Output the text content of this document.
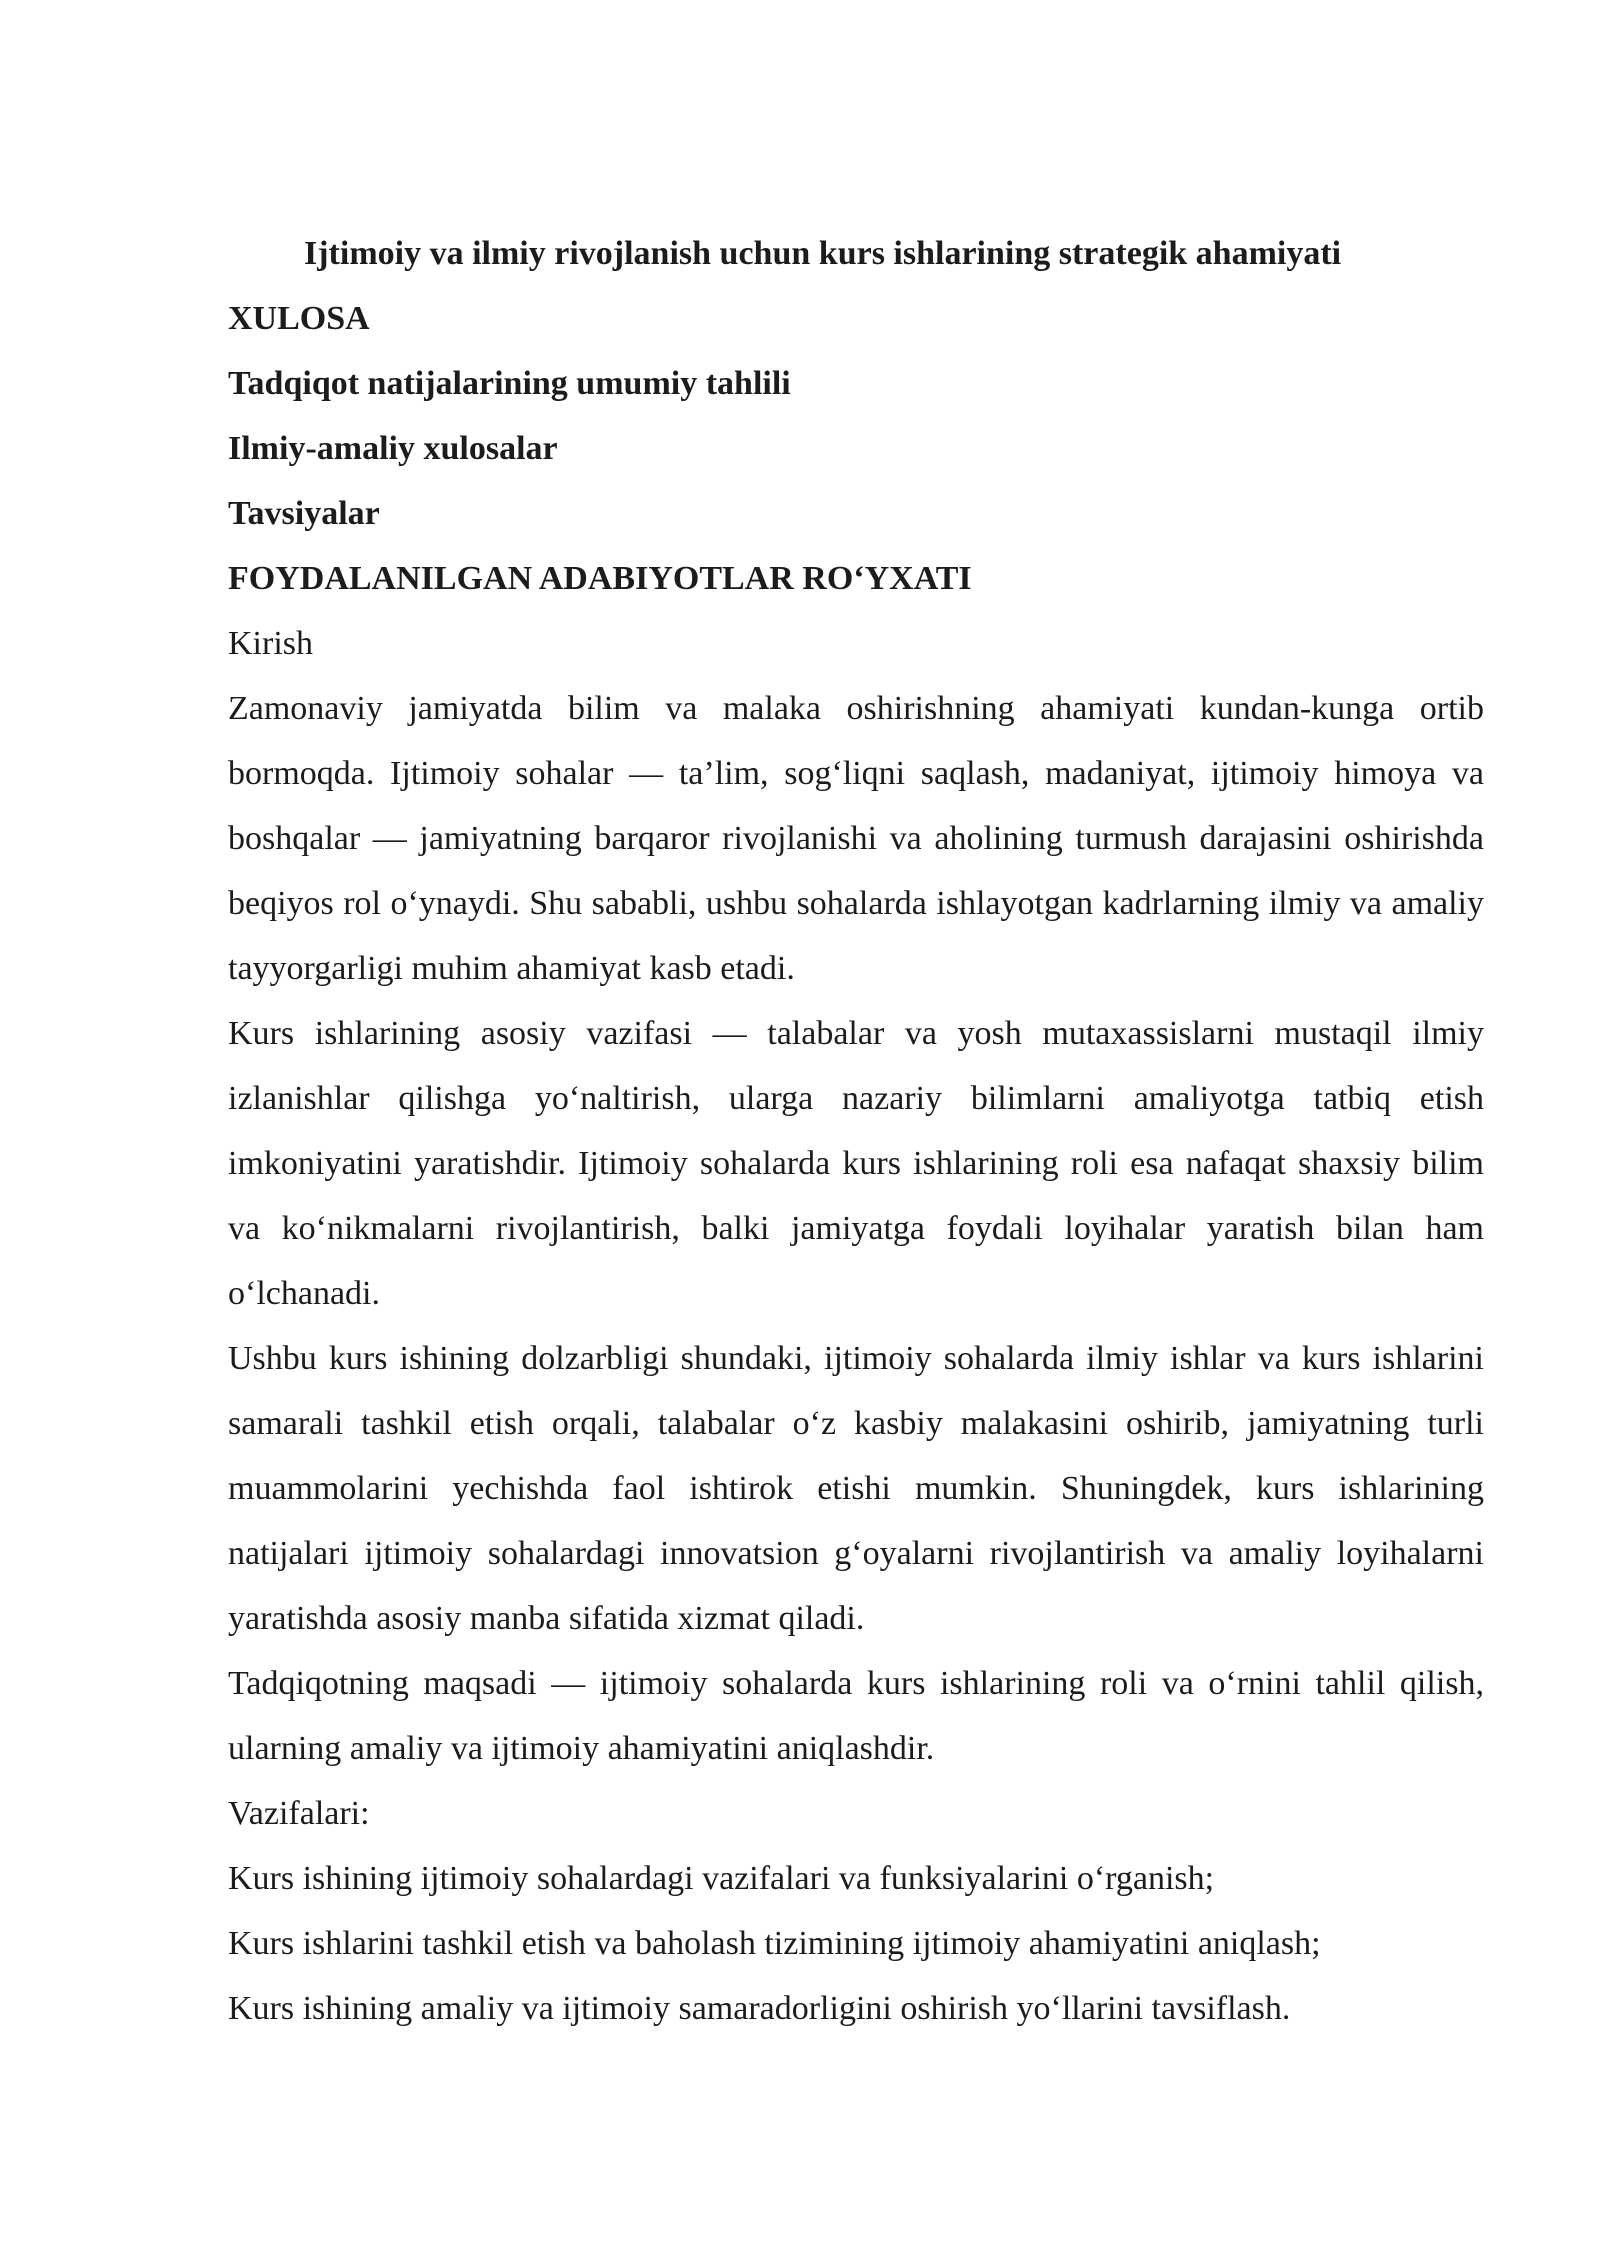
Ijtimoiy va ilmiy rivojlanish uchun kurs ishlarining strategik ahamiyati
XULOSA
Tadqiqot natijalarining umumiy tahlili
Ilmiy-amaliy xulosalar
Tavsiyalar
FOYDALANILGAN ADABIYOTLAR RO‘YXATI
Kirish

Zamonaviy jamiyatda bilim va malaka oshirishning ahamiyati kundan-kunga ortib bormoqda. Ijtimoiy sohalar — ta’lim, sog‘liqni saqlash, madaniyat, ijtimoiy himoya va boshqalar — jamiyatning barqaror rivojlanishi va aholining turmush darajasini oshirishda beqiyos rol o‘ynaydi. Shu sababli, ushbu sohalarda ishlayotgan kadrlarning ilmiy va amaliy tayyorgarligi muhim ahamiyat kasb etadi.

Kurs ishlarining asosiy vazifasi — talabalar va yosh mutaxassislarni mustaqil ilmiy izlanishlar qilishga yo‘naltirish, ularga nazariy bilimlarni amaliyotga tatbiq etish imkoniyatini yaratishdir. Ijtimoiy sohalarda kurs ishlarining roli esa nafaqat shaxsiy bilim va ko‘nikmalarni rivojlantirish, balki jamiyatga foydali loyihalar yaratish bilan ham o‘lchanadi.

Ushbu kurs ishining dolzarbligi shundaki, ijtimoiy sohalarda ilmiy ishlar va kurs ishlarini samarali tashkil etish orqali, talabalar o‘z kasbiy malakasini oshirib, jamiyatning turli muammolarini yechishda faol ishtirok etishi mumkin. Shuningdek, kurs ishlarining natijalari ijtimoiy sohalardagi innovatsion g‘oyalarni rivojlantirish va amaliy loyihalarni yaratishda asosiy manba sifatida xizmat qiladi.

Tadqiqotning maqsadi — ijtimoiy sohalarda kurs ishlarining roli va o‘rnini tahlil qilish, ularning amaliy va ijtimoiy ahamiyatini aniqlashdir.

Vazifalari:
Kurs ishining ijtimoiy sohalardagi vazifalari va funksiyalarini o‘rganish;
Kurs ishlarini tashkil etish va baholash tizimining ijtimoiy ahamiyatini aniqlash;
Kurs ishining amaliy va ijtimoiy samaradorligini oshirish yo‘llarini tavsiflash.
